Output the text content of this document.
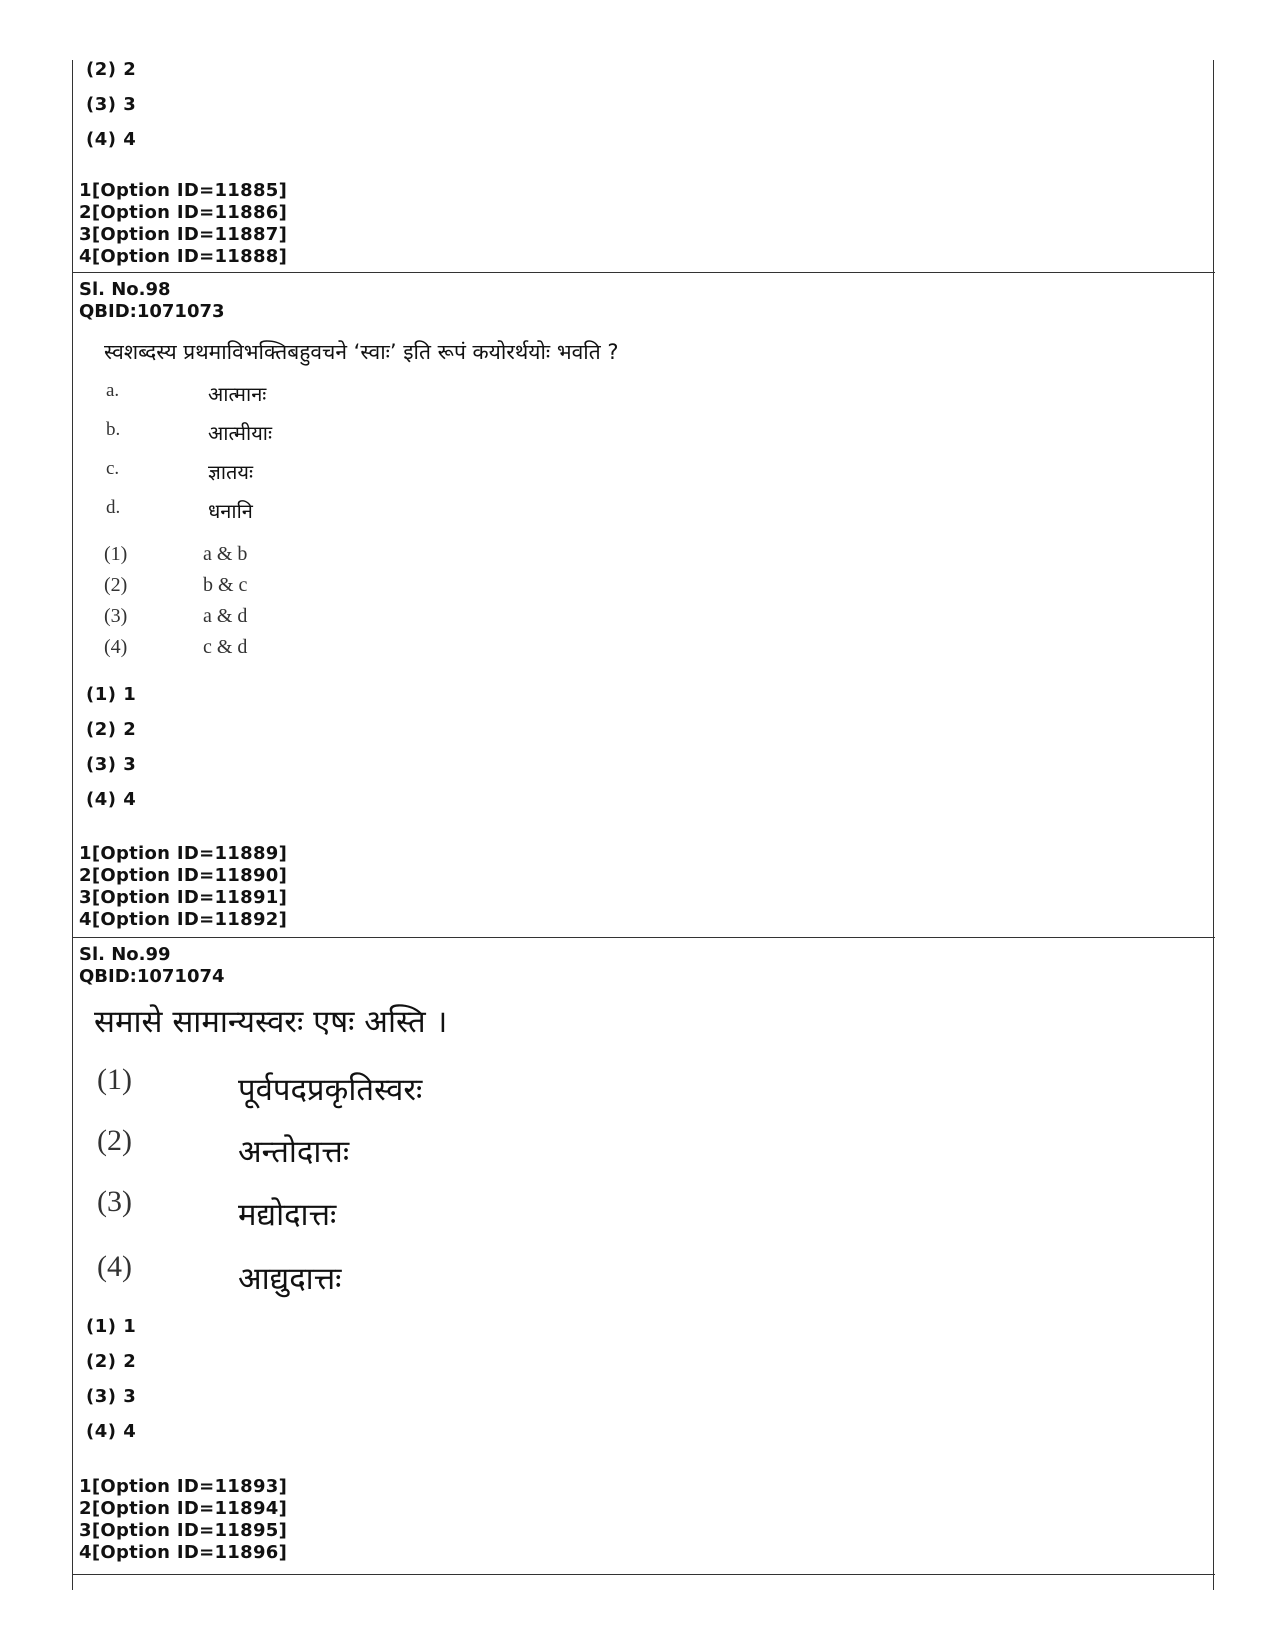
(2) 2
(3) 3
(4) 4
1[Option ID=11885]
2[Option ID=11886]
3[Option ID=11887]
4[Option ID=11888]
Sl. No.98
QBID:1071073
स्वशब्दस्य प्रथमाविभक्तिबहुवचने ‘स्वाः’ इति रूपं कयोरर्थयोः भवति ?
a.	आत्मानः
b.	आत्मीयाः
c.	ज्ञातयः
d.	धनानि
(1)	a & b
(2)	b & c
(3)	a & d
(4)	c & d
(1) 1
(2) 2
(3) 3
(4) 4
1[Option ID=11889]
2[Option ID=11890]
3[Option ID=11891]
4[Option ID=11892]
Sl. No.99
QBID:1071074
समासे सामान्यस्वरः एषः अस्ति ।
(1)	पूर्वपदप्रकृतिस्वरः
(2)	अन्तोदात्तः
(3)	मद्योदात्तः
(4)	आद्युदात्तः
(1) 1
(2) 2
(3) 3
(4) 4
1[Option ID=11893]
2[Option ID=11894]
3[Option ID=11895]
4[Option ID=11896]
